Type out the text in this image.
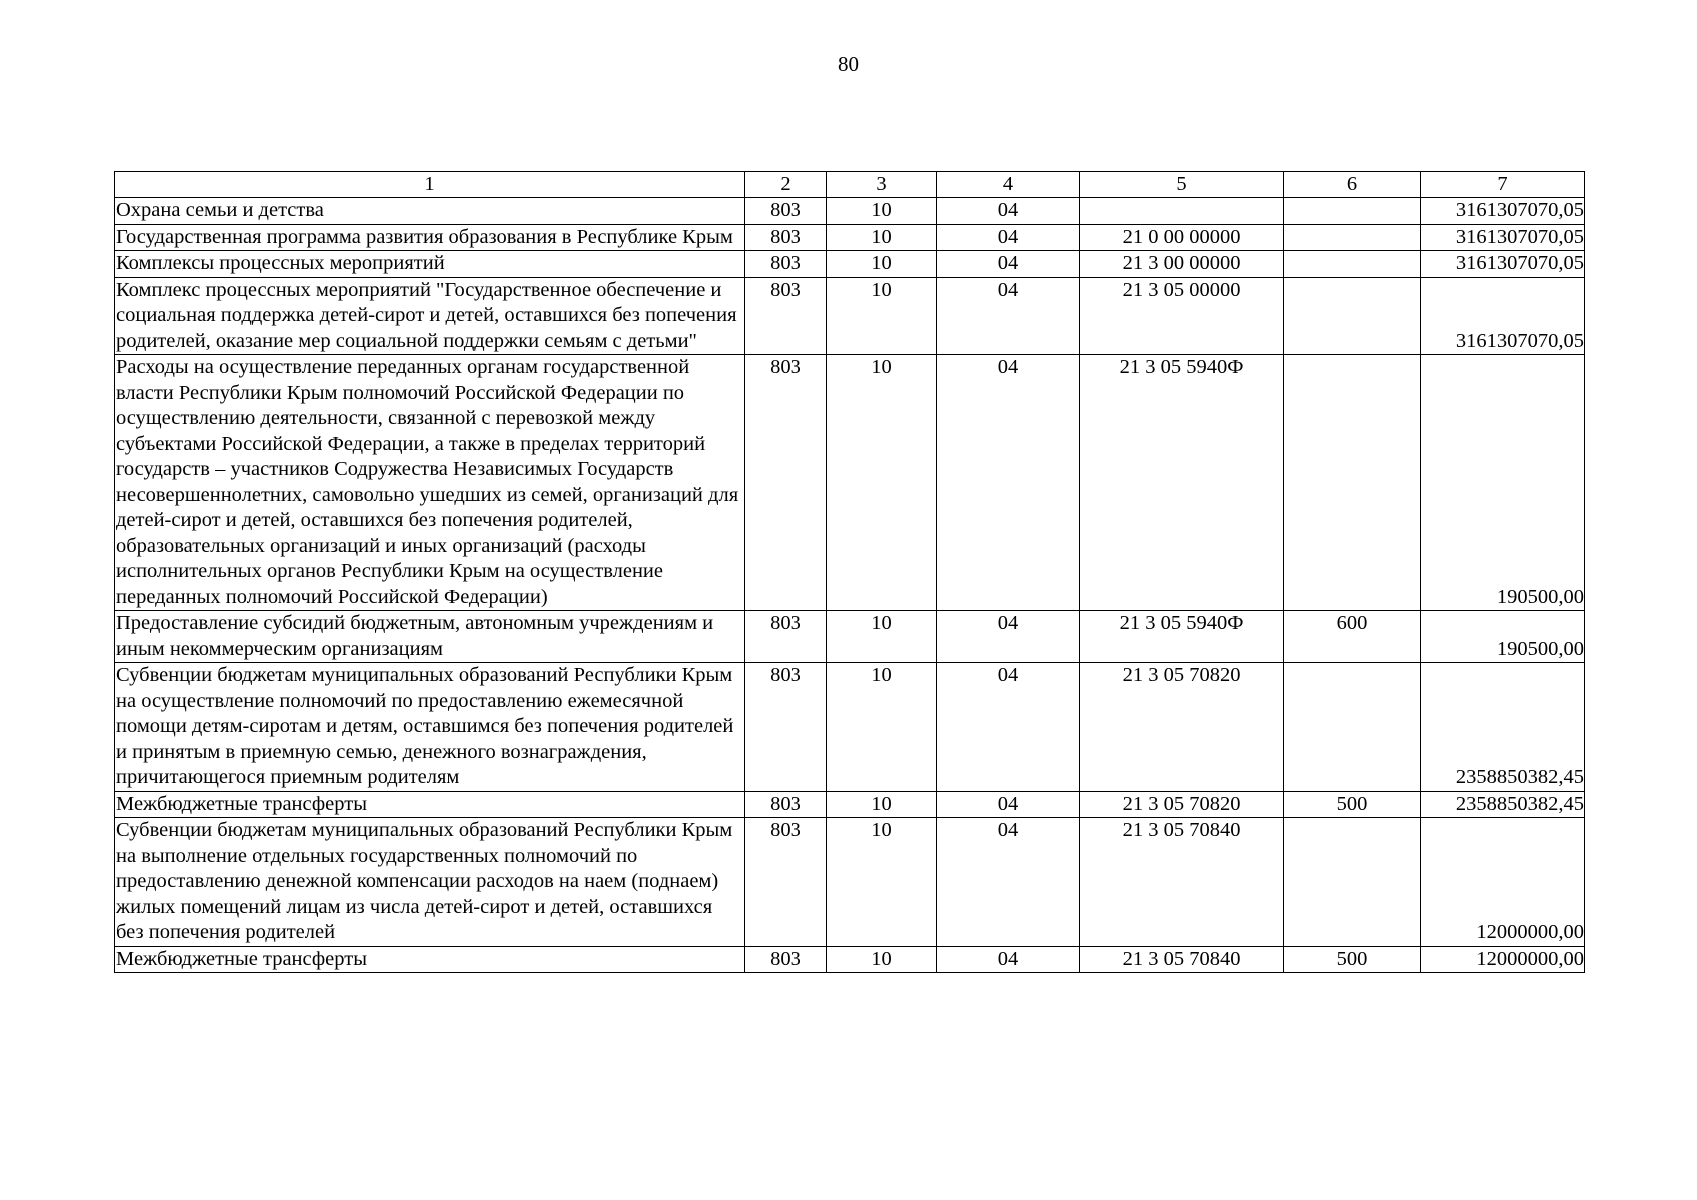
80
1	2	3	4	5	6	7
Охрана семьи и детства	803	10	04			3161307070,05
Государственная программа развития образования в Республике Крым	803	10	04	21 0 00 00000		3161307070,05
Комплексы процессных мероприятий	803	10	04	21 3 00 00000		3161307070,05
Комплекс процессных мероприятий "Государственное обеспечение и социальная поддержка детей-сирот и детей, оставшихся без попечения родителей, оказание мер социальной поддержки семьям с детьми"	803	10	04	21 3 05 00000		3161307070,05
Расходы на осуществление переданных органам государственной власти Республики Крым полномочий Российской Федерации по осуществлению деятельности, связанной с перевозкой между субъектами Российской Федерации, а также в пределах территорий государств – участников Содружества Независимых Государств несовершеннолетних, самовольно ушедших из семей, организаций для детей-сирот и детей, оставшихся без попечения родителей, образовательных организаций и иных организаций (расходы исполнительных органов Республики Крым на осуществление переданных полномочий Российской Федерации)	803	10	04	21 3 05 5940Ф		190500,00
Предоставление субсидий бюджетным, автономным учреждениям и иным некоммерческим организациям	803	10	04	21 3 05 5940Ф	600	190500,00
Субвенции бюджетам муниципальных образований Республики Крым на осуществление полномочий по предоставлению ежемесячной помощи детям-сиротам и детям, оставшимся без попечения родителей и принятым в приемную семью, денежного вознаграждения, причитающегося приемным родителям	803	10	04	21 3 05 70820		2358850382,45
Межбюджетные трансферты	803	10	04	21 3 05 70820	500	2358850382,45
Субвенции бюджетам муниципальных образований Республики Крым на выполнение отдельных государственных полномочий по предоставлению денежной компенсации расходов на наем (поднаем) жилых помещений лицам из числа детей-сирот и детей, оставшихся без попечения родителей	803	10	04	21 3 05 70840		12000000,00
Межбюджетные трансферты	803	10	04	21 3 05 70840	500	12000000,00
